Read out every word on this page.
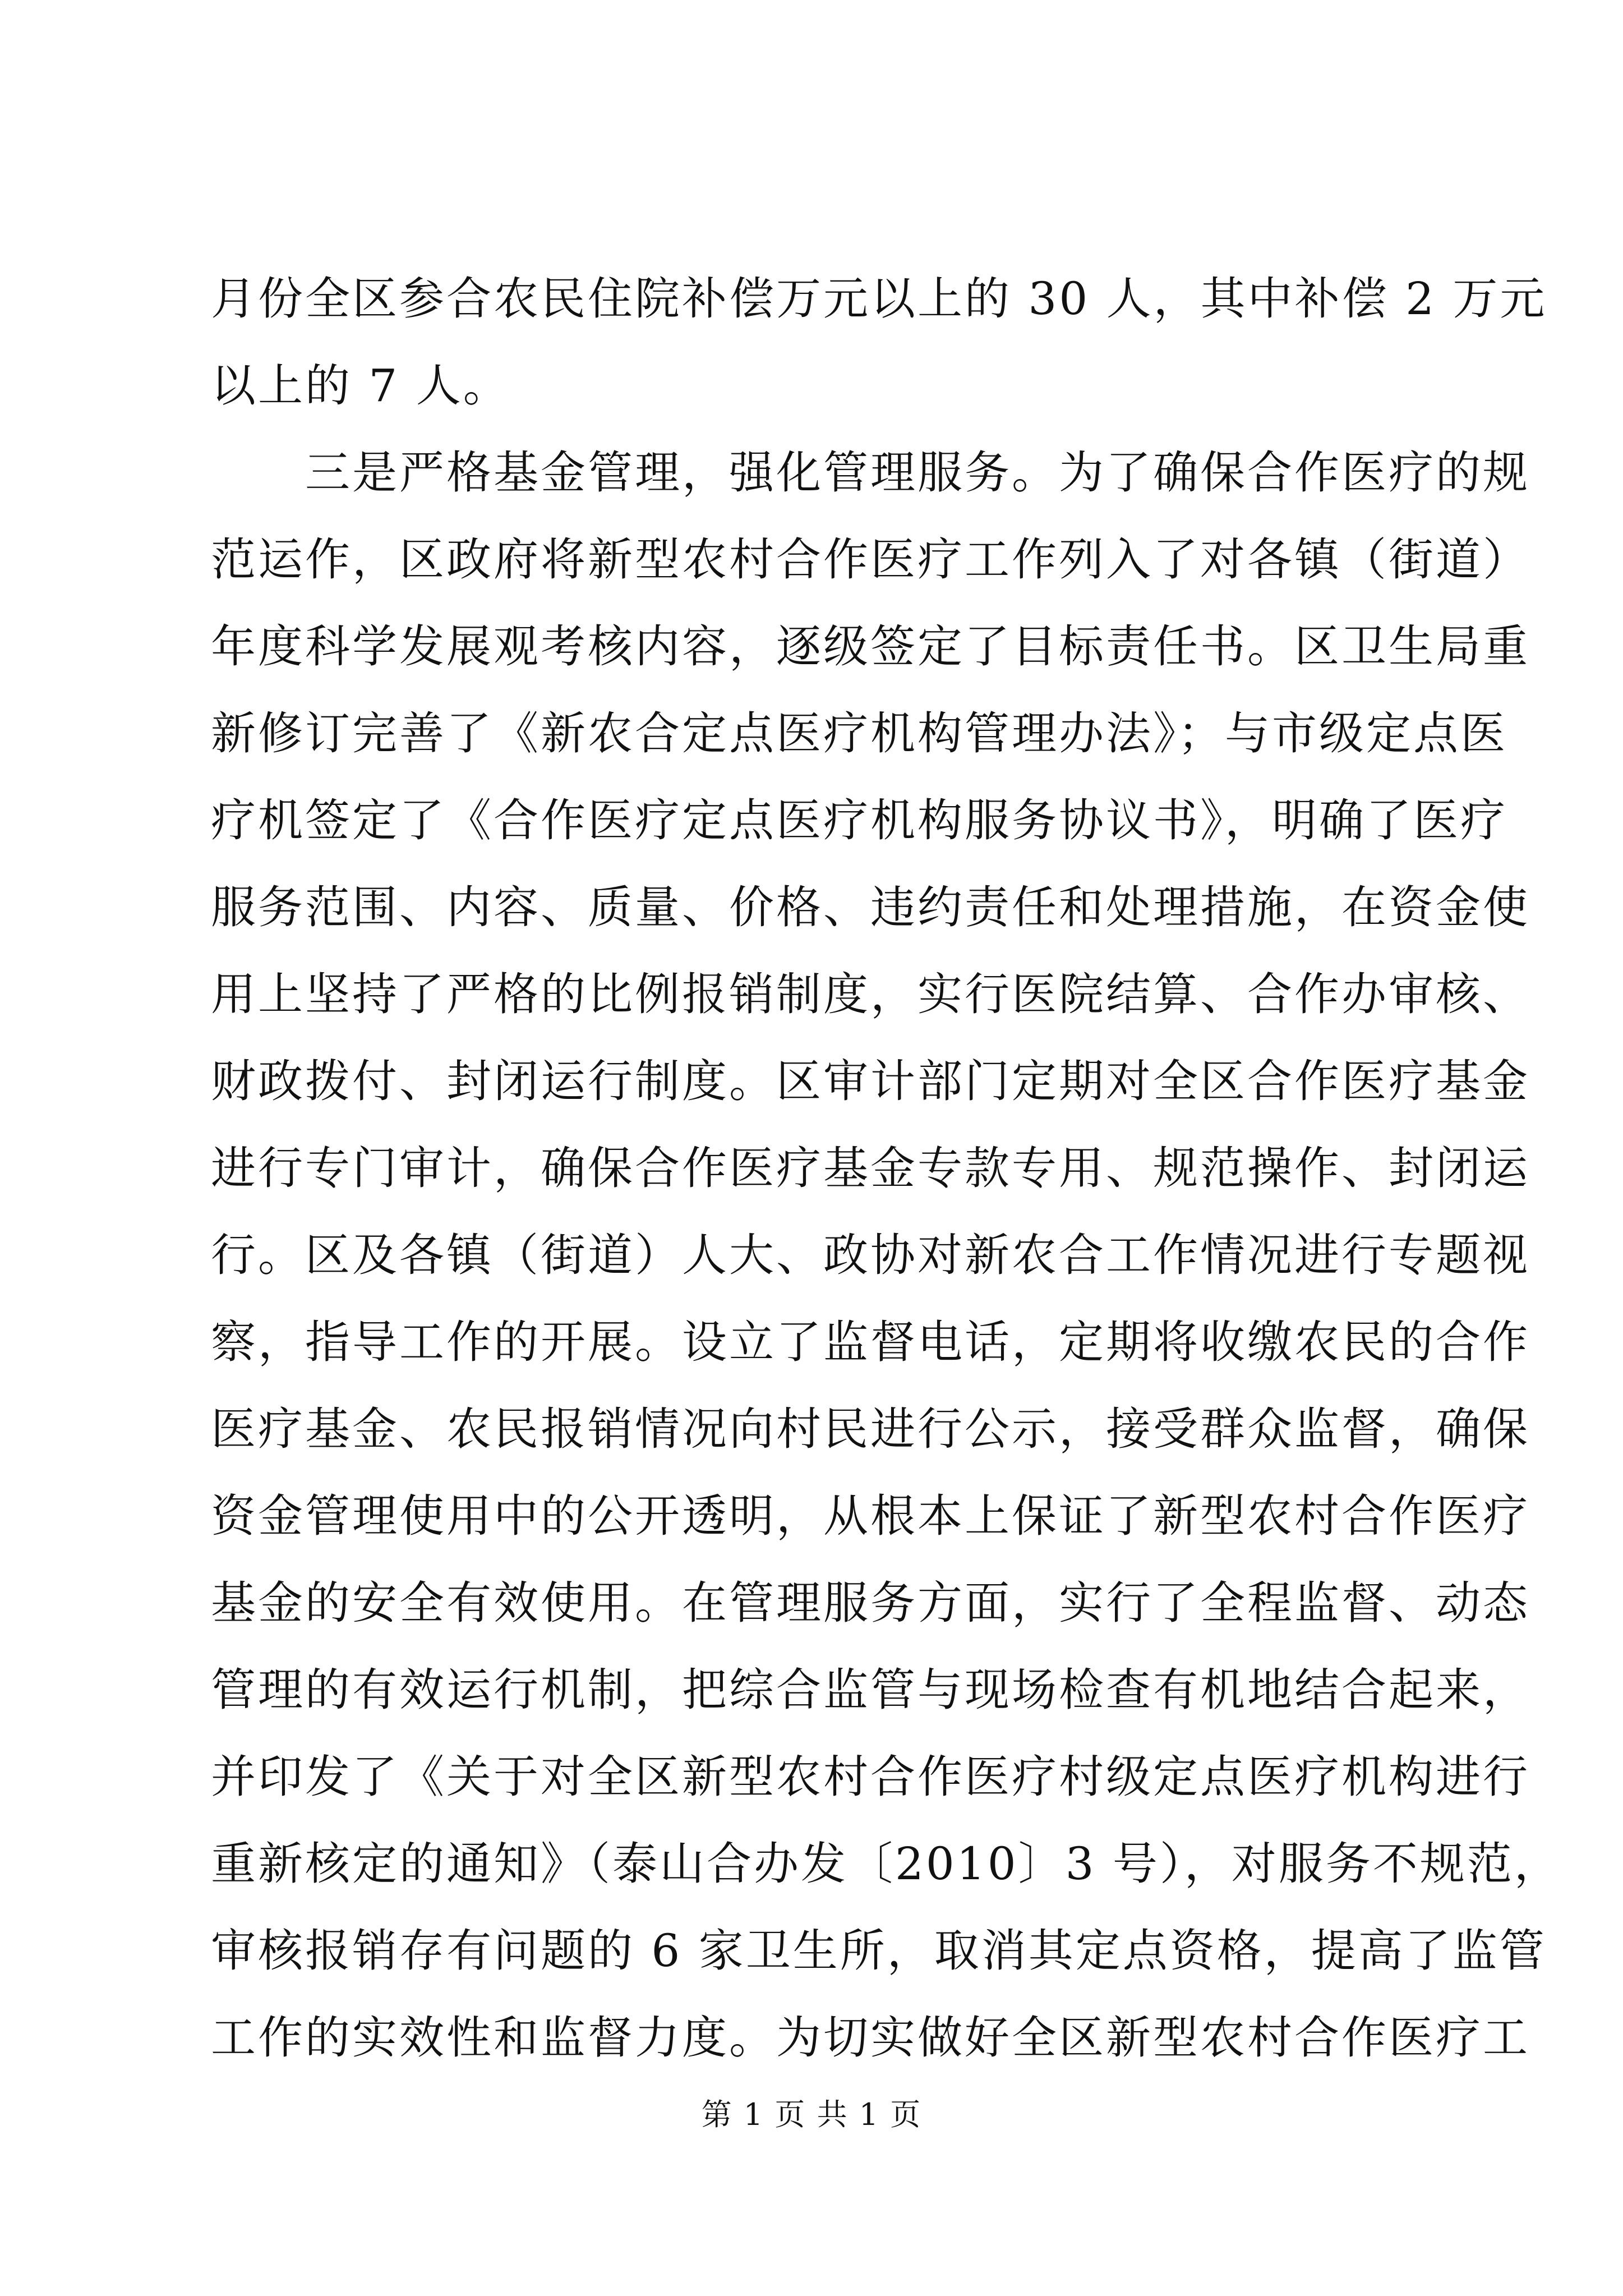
月份全区参合农民住院补偿万元以上的 30 人，其中补偿 2 万元
以上的 7 人。
　　三是严格基金管理，强化管理服务。为了确保合作医疗的规
范运作，区政府将新型农村合作医疗工作列入了对各镇（街道）
年度科学发展观考核内容，逐级签定了目标责任书。区卫生局重
新修订完善了《新农合定点医疗机构管理办法》；与市级定点医
疗机签定了《合作医疗定点医疗机构服务协议书》，明确了医疗
服务范围、内容、质量、价格、违约责任和处理措施，在资金使
用上坚持了严格的比例报销制度，实行医院结算、合作办审核、
财政拨付、封闭运行制度。区审计部门定期对全区合作医疗基金
进行专门审计，确保合作医疗基金专款专用、规范操作、封闭运
行。区及各镇（街道）人大、政协对新农合工作情况进行专题视
察，指导工作的开展。设立了监督电话，定期将收缴农民的合作
医疗基金、农民报销情况向村民进行公示，接受群众监督，确保
资金管理使用中的公开透明，从根本上保证了新型农村合作医疗
基金的安全有效使用。在管理服务方面，实行了全程监督、动态
管理的有效运行机制，把综合监管与现场检查有机地结合起来，
并印发了《关于对全区新型农村合作医疗村级定点医疗机构进行
重新核定的通知》（泰山合办发〔2010〕3 号），对服务不规范，
审核报销存有问题的 6 家卫生所，取消其定点资格，提高了监管
工作的实效性和监督力度。为切实做好全区新型农村合作医疗工
第 1 页 共 1 页
